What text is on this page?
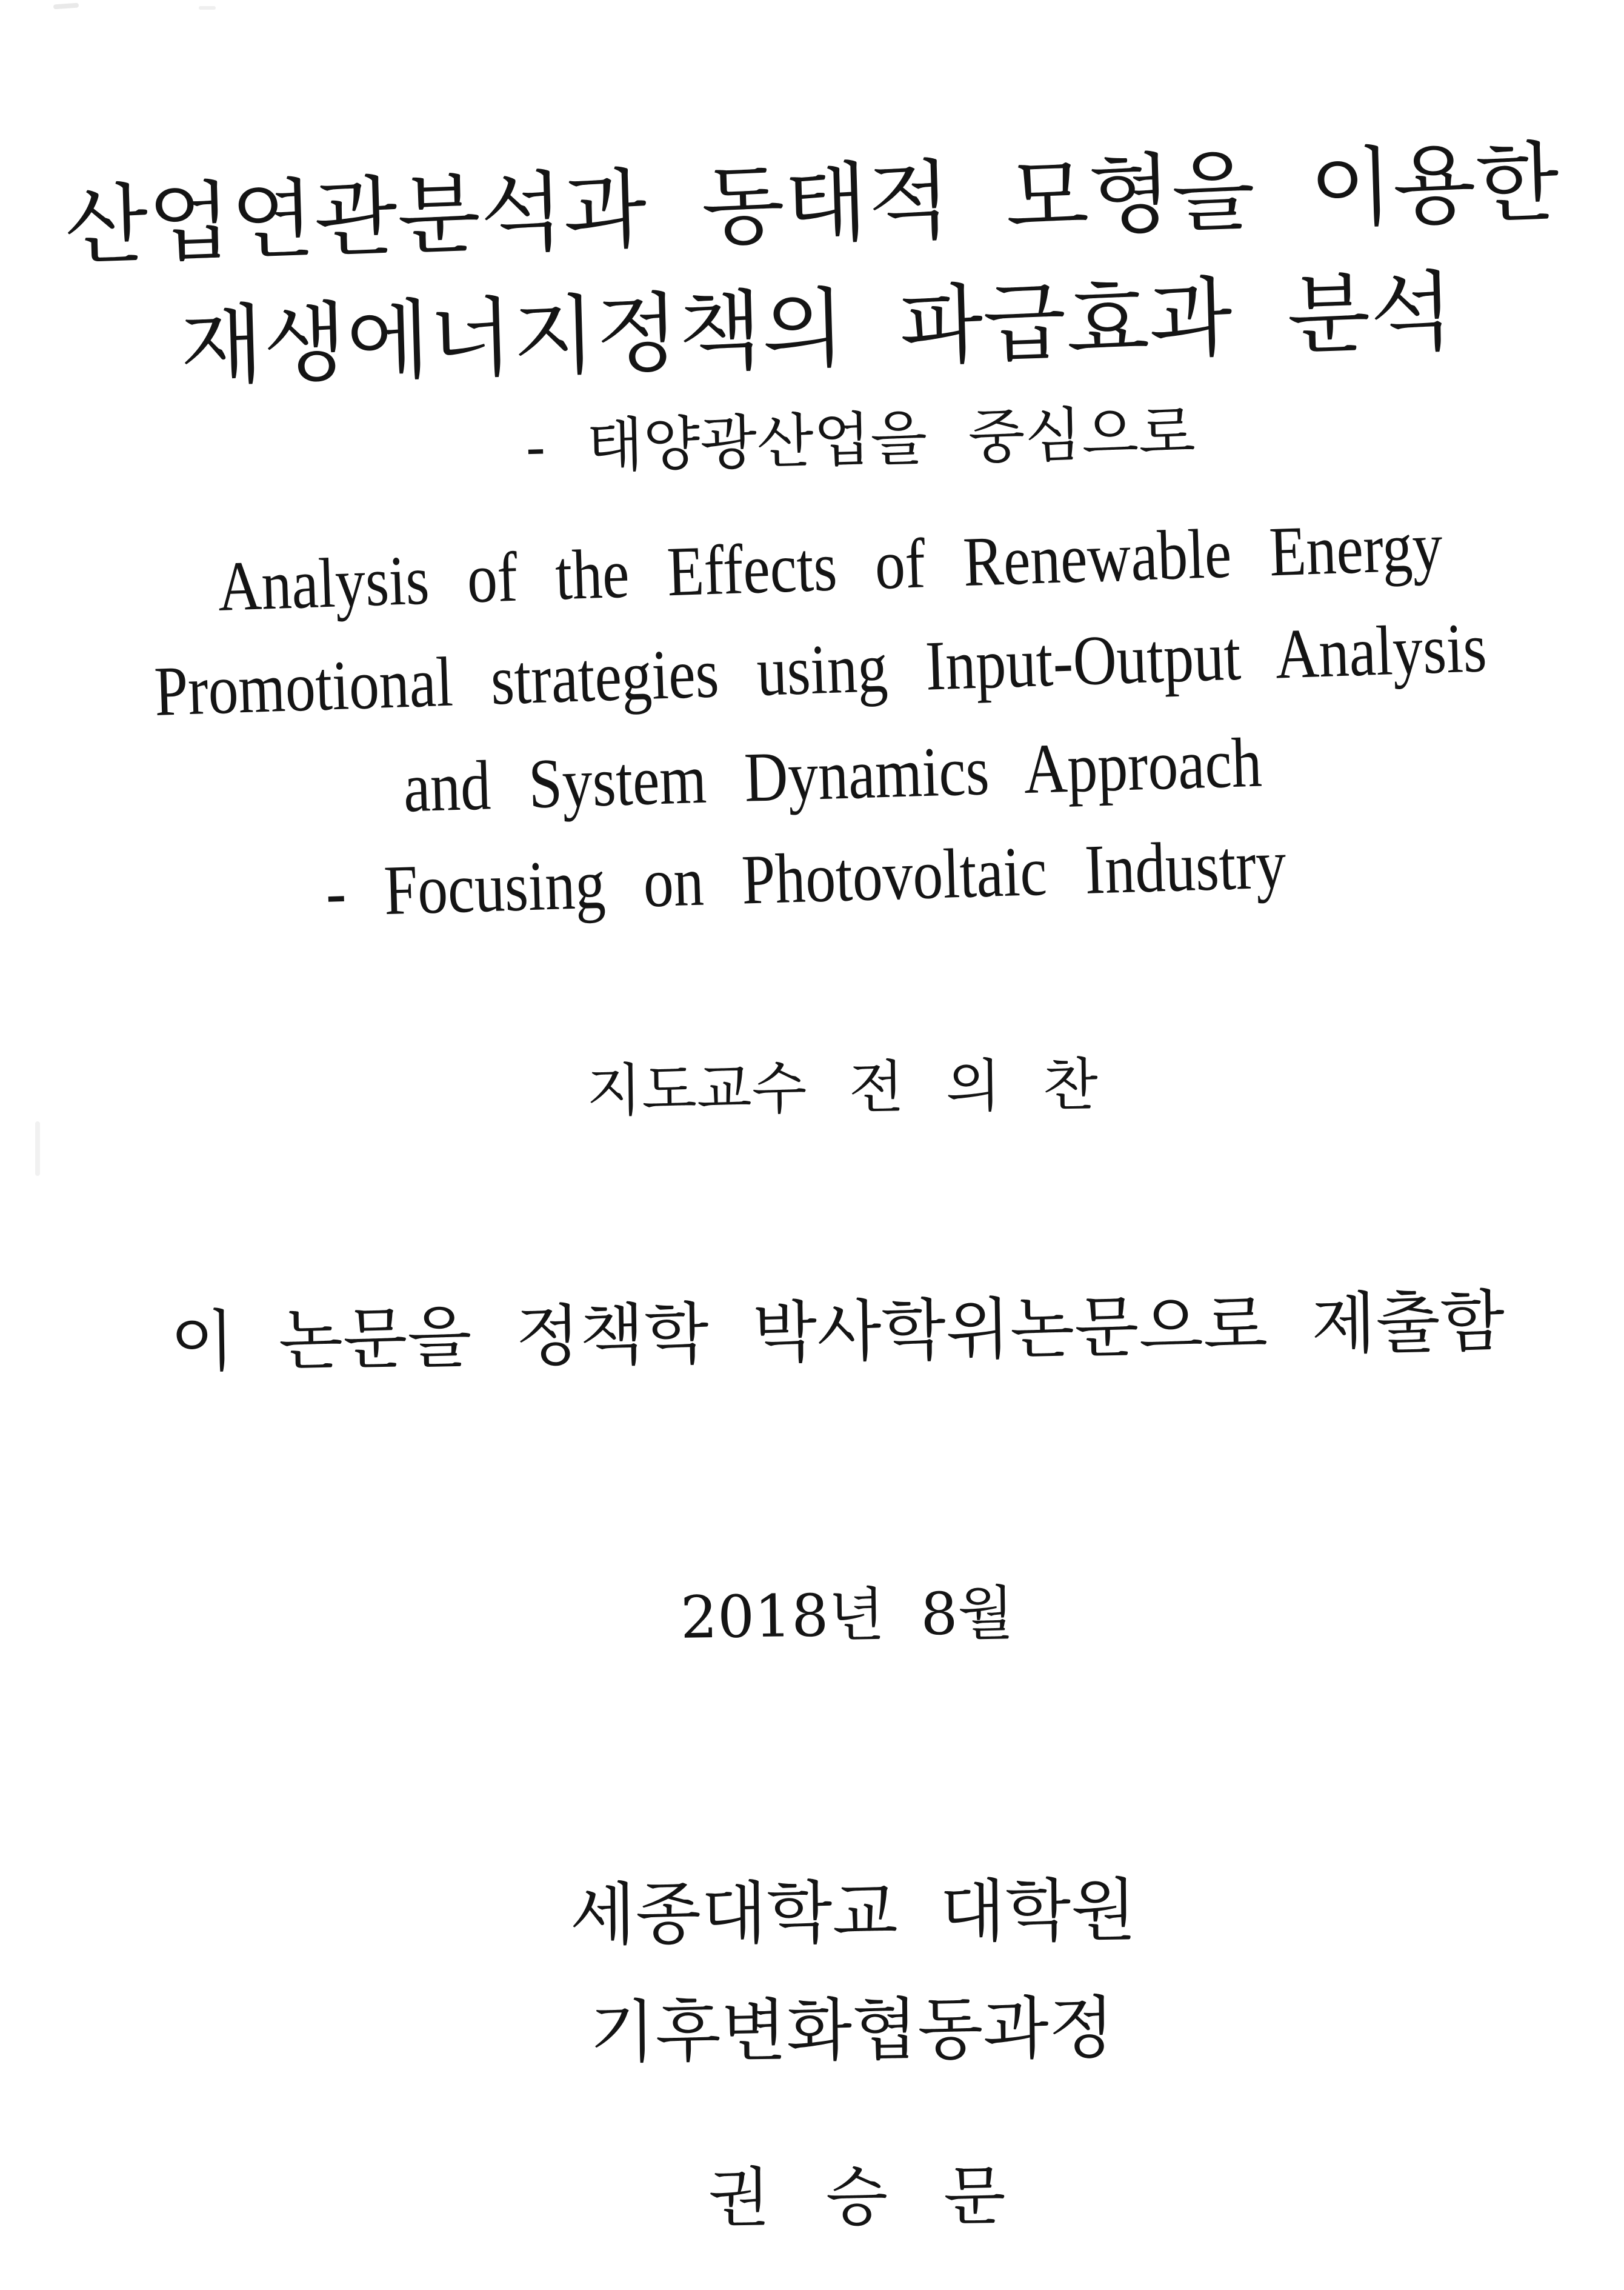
산업연관분석과 동태적 모형을 이용한
재생에너지정책의 파급효과 분석
- 태양광산업을 중심으로
Analysis of the Effects of Renewable Energy
Promotional strategies using Input-Output Analysis
and System Dynamics Approach
- Focusing on Photovoltaic Industry
지도교수 전 의 찬
이 논문을 정책학 박사학위논문으로 제출함
2018년 8월
세종대학교 대학원
기후변화협동과정
권 승 문
